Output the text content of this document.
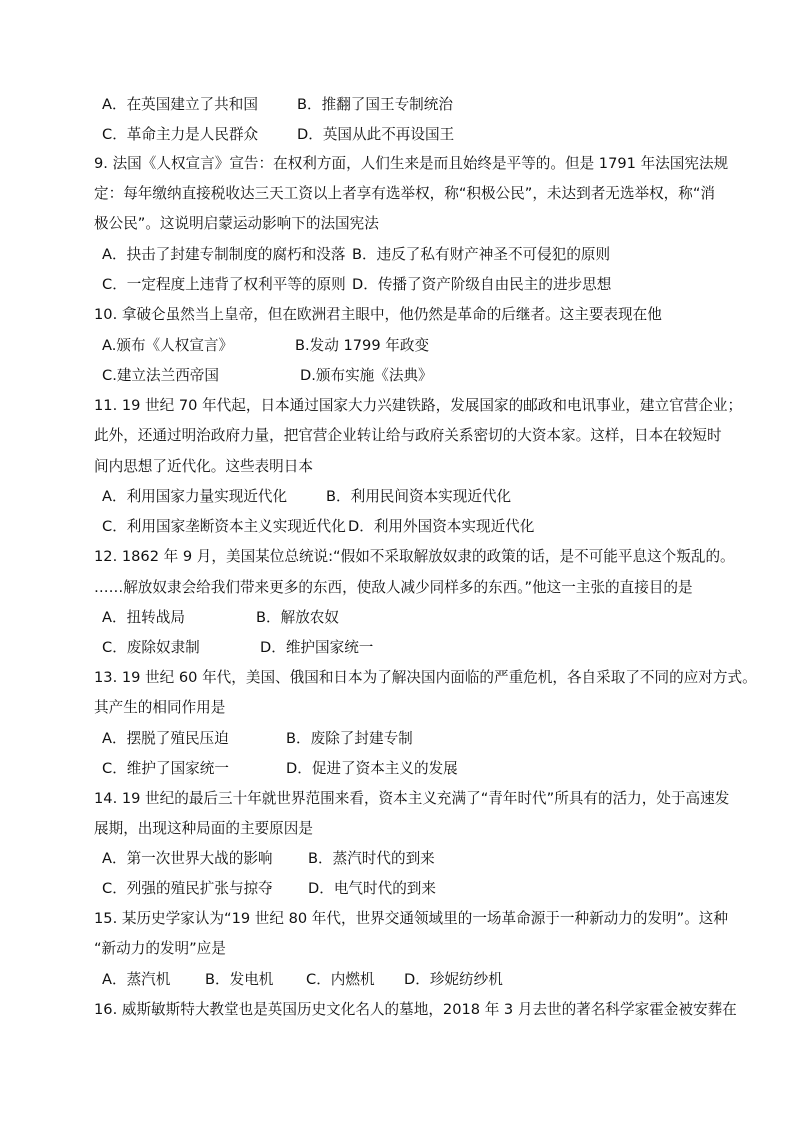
A．在英国建立了共和国	B．推翻了国王专制统治
C．革命主力是人民群众	D．英国从此不再设国王
9. 法国《人权宣言》宣告：在权利方面，人们生来是而且始终是平等的。但是 1791 年法国宪法规
定：每年缴纳直接税收达三天工资以上者享有选举权，称“积极公民”，未达到者无选举权，称“消
极公民”。这说明启蒙运动影响下的法国宪法
A．抉击了封建专制制度的腐朽和没落 B．违反了私有财产神圣不可侵犯的原则
C．一定程度上违背了权利平等的原则 D．传播了资产阶级自由民主的进步思想
10. 拿破仑虽然当上皇帝，但在欧洲君主眼中，他仍然是革命的后继者。这主要表现在他
A.颁布《人权宣言》	B.发动 1799 年政变
C.建立法兰西帝国	D.颁布实施《法典》
11. 19 世纪 70 年代起，日本通过国家大力兴建铁路，发展国家的邮政和电讯事业，建立官营企业；
此外，还通过明治政府力量，把官营企业转让给与政府关系密切的大资本家。这样，日本在较短时
间内思想了近代化。这些表明日本
A．利用国家力量实现近代化	B．利用民间资本实现近代化
C．利用国家垄断资本主义实现近代化 D．利用外国资本实现近代化
12. 1862 年 9 月，美国某位总统说:“假如不采取解放奴隶的政策的话，是不可能平息这个叛乱的。
……解放奴隶会给我们带来更多的东西，使敌人减少同样多的东西。”他这一主张的直接目的是
A．扭转战局	B．解放农奴
C．废除奴隶制	D．维护国家统一
13. 19 世纪 60 年代，美国、俄国和日本为了解决国内面临的严重危机，各自采取了不同的应对方式。
其产生的相同作用是
A．摆脱了殖民压迫	B．废除了封建专制
C．维护了国家统一	D．促进了资本主义的发展
14. 19 世纪的最后三十年就世界范围来看，资本主义充满了“青年时代”所具有的活力，处于高速发
展期，出现这种局面的主要原因是
A．第一次世界大战的影响 B．蒸汽时代的到来
C．列强的殖民扩张与掠夺 D．电气时代的到来
15. 某历史学家认为“19 世纪 80 年代，世界交通领域里的一场革命源于一种新动力的发明”。这种
“新动力的发明”应是
A．蒸汽机 B．发电机 C．内燃机 D．珍妮纺纱机
16. 威斯敏斯特大教堂也是英国历史文化名人的墓地，2018 年 3 月去世的著名科学家霍金被安葬在
